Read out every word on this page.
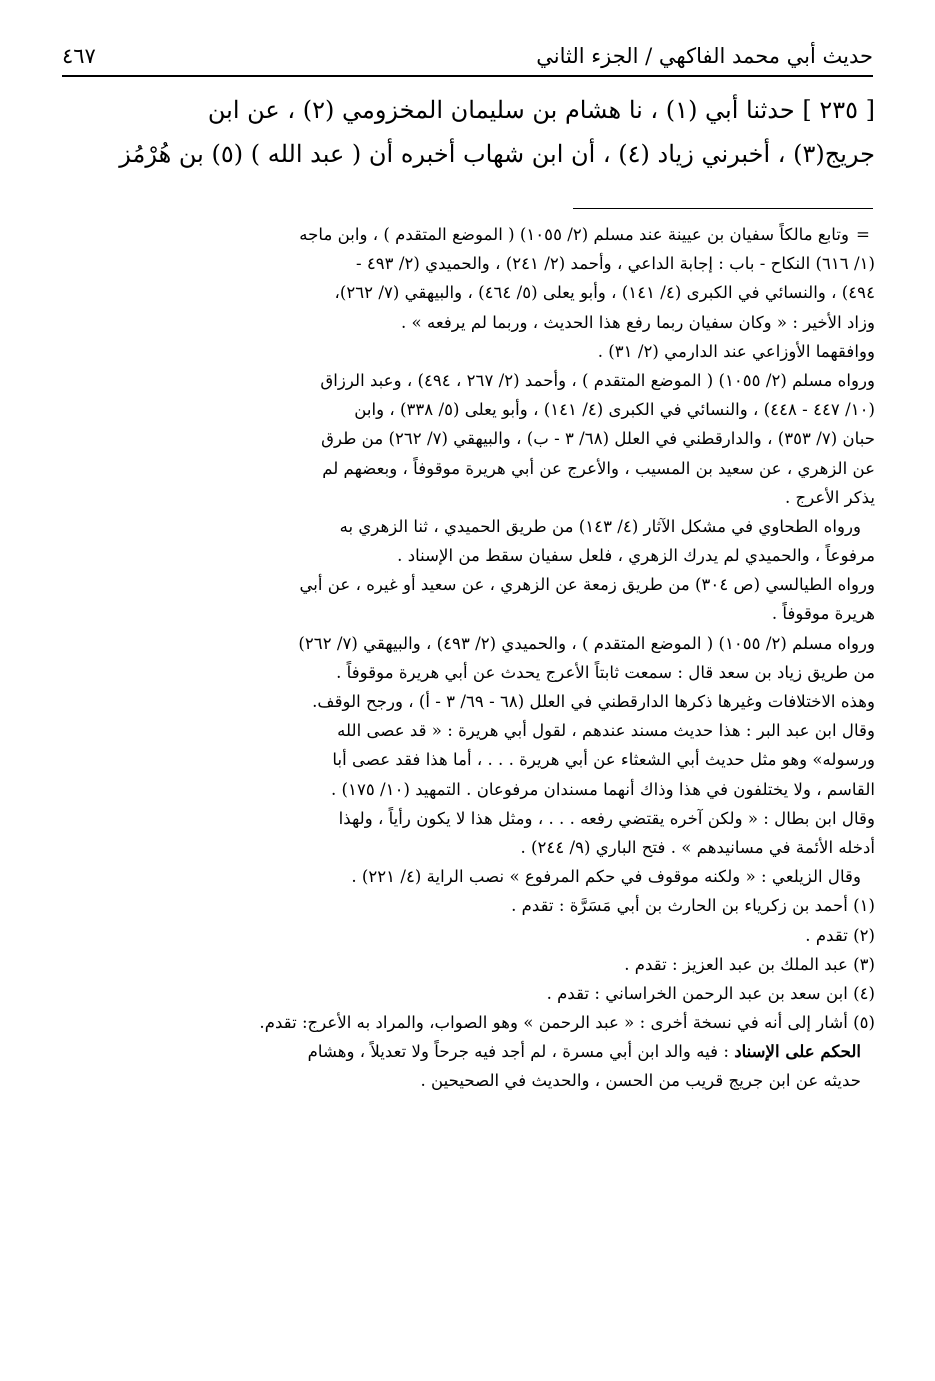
حديث أبي محمد الفاكهي / الجزء الثاني
٤٦٧
[ ٢٣٥ ] حدثنا أبي (١) ، نا هشام بن سليمان المخزومي (٢) ، عن ابن
جريج(٣) ، أخبرني زياد (٤) ، أن ابن شهاب أخبره أن ( عبد الله ) (٥) بن هُرْمُز
=وتابع مالكاً سفيان بن عيينة عند مسلم (٢/ ١٠٥٥) ( الموضع المتقدم ) ، وابن ماجه
(١/ ٦١٦) النكاح - باب : إجابة الداعي ، وأحمد (٢/ ٢٤١) ، والحميدي (٢/ ٤٩٣ -
٤٩٤) ، والنسائي في الكبرى (٤/ ١٤١) ، وأبو يعلى (٥/ ٤٦٤) ، والبيهقي (٧/ ٢٦٢)،
وزاد الأخير : « وكان سفيان ربما رفع هذا الحديث ، وربما لم يرفعه » .
ووافقهما الأوزاعي عند الدارمي (٢/ ٣١) .
ورواه مسلم (٢/ ١٠٥٥) ( الموضع المتقدم ) ، وأحمد (٢/ ٢٦٧ ، ٤٩٤) ، وعبد الرزاق
(١٠/ ٤٤٧ - ٤٤٨) ، والنسائي في الكبرى (٤/ ١٤١) ، وأبو يعلى (٥/ ٣٣٨) ، وابن
حبان (٧/ ٣٥٣) ، والدارقطني في العلل (٦٨/ ٣ - ب) ، والبيهقي (٧/ ٢٦٢) من طرق
عن الزهري ، عن سعيد بن المسيب ، والأعرج عن أبي هريرة موقوفاً ، وبعضهم لم
يذكر الأعرج .
ورواه الطحاوي في مشكل الآثار (٤/ ١٤٣) من طريق الحميدي ، ثنا الزهري به
مرفوعاً ، والحميدي لم يدرك الزهري ، فلعل سفيان سقط من الإسناد .
ورواه الطيالسي (ص ٣٠٤) من طريق زمعة عن الزهري ، عن سعيد أو غيره ، عن أبي
هريرة موقوفاً .
ورواه مسلم (٢/ ١٠٥٥) ( الموضع المتقدم ) ، والحميدي (٢/ ٤٩٣) ، والبيهقي (٧/ ٢٦٢)
من طريق زياد بن سعد قال : سمعت ثابتاً الأعرج يحدث عن أبي هريرة موقوفاً .
وهذه الاختلافات وغيرها ذكرها الدارقطني في العلل (٦٨ - ٦٩/ ٣ - أ) ، ورجح الوقف.
وقال ابن عبد البر : هذا حديث مسند عندهم ، لقول أبي هريرة : « قد عصى الله
ورسوله» وهو مثل حديث أبي الشعثاء عن أبي هريرة . . . ، أما هذا فقد عصى أبا
القاسم ، ولا يختلفون في هذا وذاك أنهما مسندان مرفوعان . التمهيد (١٠/ ١٧٥) .
وقال ابن بطال : « ولكن آخره يقتضي رفعه . . . ، ومثل هذا لا يكون رأياً ، ولهذا
أدخله الأئمة في مسانيدهم » . فتح الباري (٩/ ٢٤٤) .
وقال الزيلعي : « ولكنه موقوف في حكم المرفوع » نصب الراية (٤/ ٢٢١) .
(١) أحمد بن زكرياء بن الحارث بن أبي مَسَرَّة : تقدم .
(٢) تقدم .
(٣) عبد الملك بن عبد العزيز : تقدم .
(٤) ابن سعد بن عبد الرحمن الخراساني : تقدم .
(٥) أشار إلى أنه في نسخة أخرى : « عبد الرحمن » وهو الصواب، والمراد به الأعرج: تقدم.
الحكم على الإسناد : فيه والد ابن أبي مسرة ، لم أجد فيه جرحاً ولا تعديلاً ، وهشام
حديثه عن ابن جريج قريب من الحسن ، والحديث في الصحيحين .
